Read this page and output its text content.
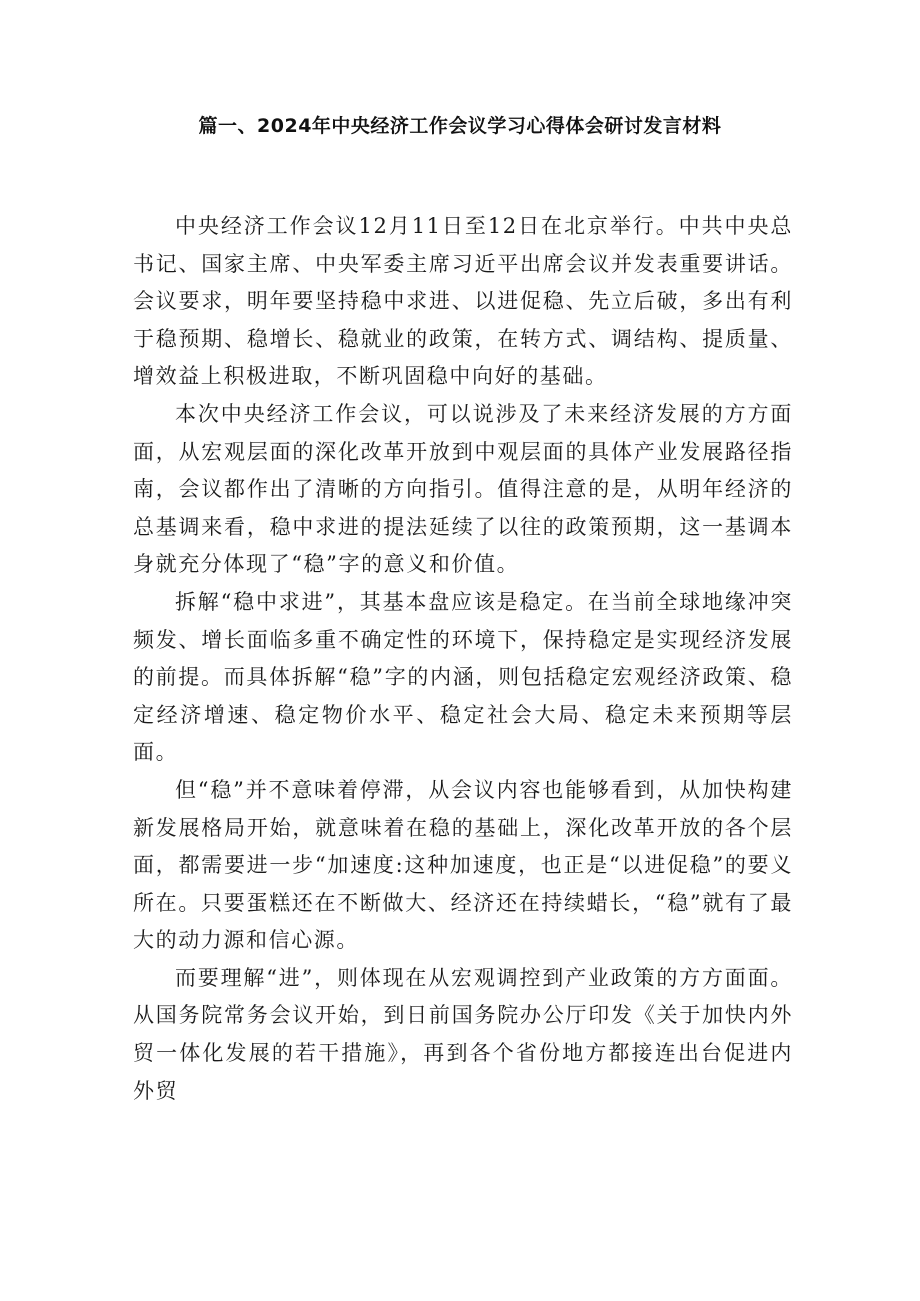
篇一、2024年中央经济工作会议学习心得体会研讨发言材料

中央经济工作会议12月11日至12日在北京举行。中共中央总书记、国家主席、中央军委主席习近平出席会议并发表重要讲话。会议要求，明年要坚持稳中求进、以进促稳、先立后破，多出有利于稳预期、稳增长、稳就业的政策，在转方式、调结构、提质量、增效益上积极进取，不断巩固稳中向好的基础。

本次中央经济工作会议，可以说涉及了未来经济发展的方方面面，从宏观层面的深化改革开放到中观层面的具体产业发展路径指南，会议都作出了清晰的方向指引。值得注意的是，从明年经济的总基调来看，稳中求进的提法延续了以往的政策预期，这一基调本身就充分体现了“稳”字的意义和价值。

拆解“稳中求进”，其基本盘应该是稳定。在当前全球地缘冲突频发、增长面临多重不确定性的环境下，保持稳定是实现经济发展的前提。而具体拆解“稳”字的内涵，则包括稳定宏观经济政策、稳定经济增速、稳定物价水平、稳定社会大局、稳定未来预期等层面。

但“稳”并不意味着停滞，从会议内容也能够看到，从加快构建新发展格局开始，就意味着在稳的基础上，深化改革开放的各个层面，都需要进一步“加速度:这种加速度，也正是“以进促稳”的要义所在。只要蛋糕还在不断做大、经济还在持续蜡长，“稳”就有了最大的动力源和信心源。

而要理解“进”，则体现在从宏观调控到产业政策的方方面面。从国务院常务会议开始，到日前国务院办公厅印发《关于加快内外贸一体化发展的若干措施》，再到各个省份地方都接连出台促进内外贸
